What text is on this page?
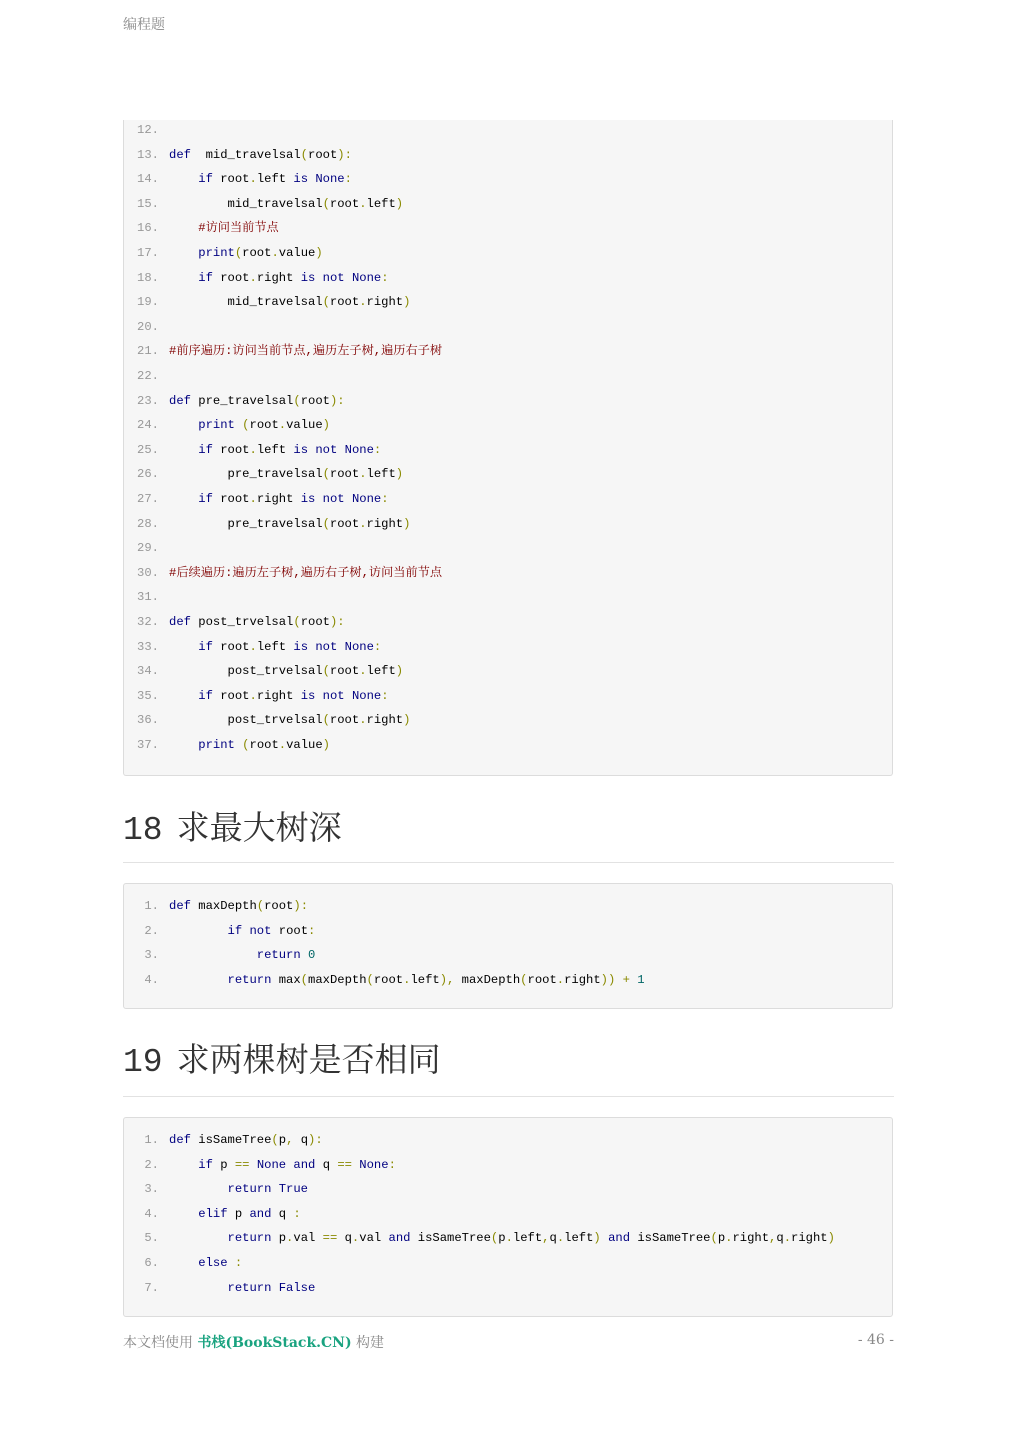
编程题
12.
13. def  mid_travelsal(root):
14.	if root.left is None:
15.        mid_travelsal(root.left)
16.	#访问当前节点
17.	print(root.value)
18.	if root.right is not None:
19.        mid_travelsal(root.right)
20.
21. #前序遍历:访问当前节点,遍历左子树,遍历右子树
22.
23. def pre_travelsal(root):
24.	print (root.value)
25.	if root.left is not None:
26.        pre_travelsal(root.left)
27.	if root.right is not None:
28.        pre_travelsal(root.right)
29.
30. #后续遍历:遍历左子树,遍历右子树,访问当前节点
31.
32. def post_trvelsal(root):
33.	if root.left is not None:
34.        post_trvelsal(root.left)
35.	if root.right is not None:
36.        post_trvelsal(root.right)
37.	print (root.value)
18 求最大树深
1. def maxDepth(root):
2.	if not root:
3.	return 0
4.	return max(maxDepth(root.left), maxDepth(root.right)) + 1
19 求两棵树是否相同
1. def isSameTree(p, q):
2.	if p == None and q == None:
3.	return True
4.	elif p and q :
5.	return p.val == q.val and isSameTree(p.left,q.left) and isSameTree(p.right,q.right)
6.	else :
7.	return False
本文档使用 书栈(BookStack.CN) 构建	- 46 -
